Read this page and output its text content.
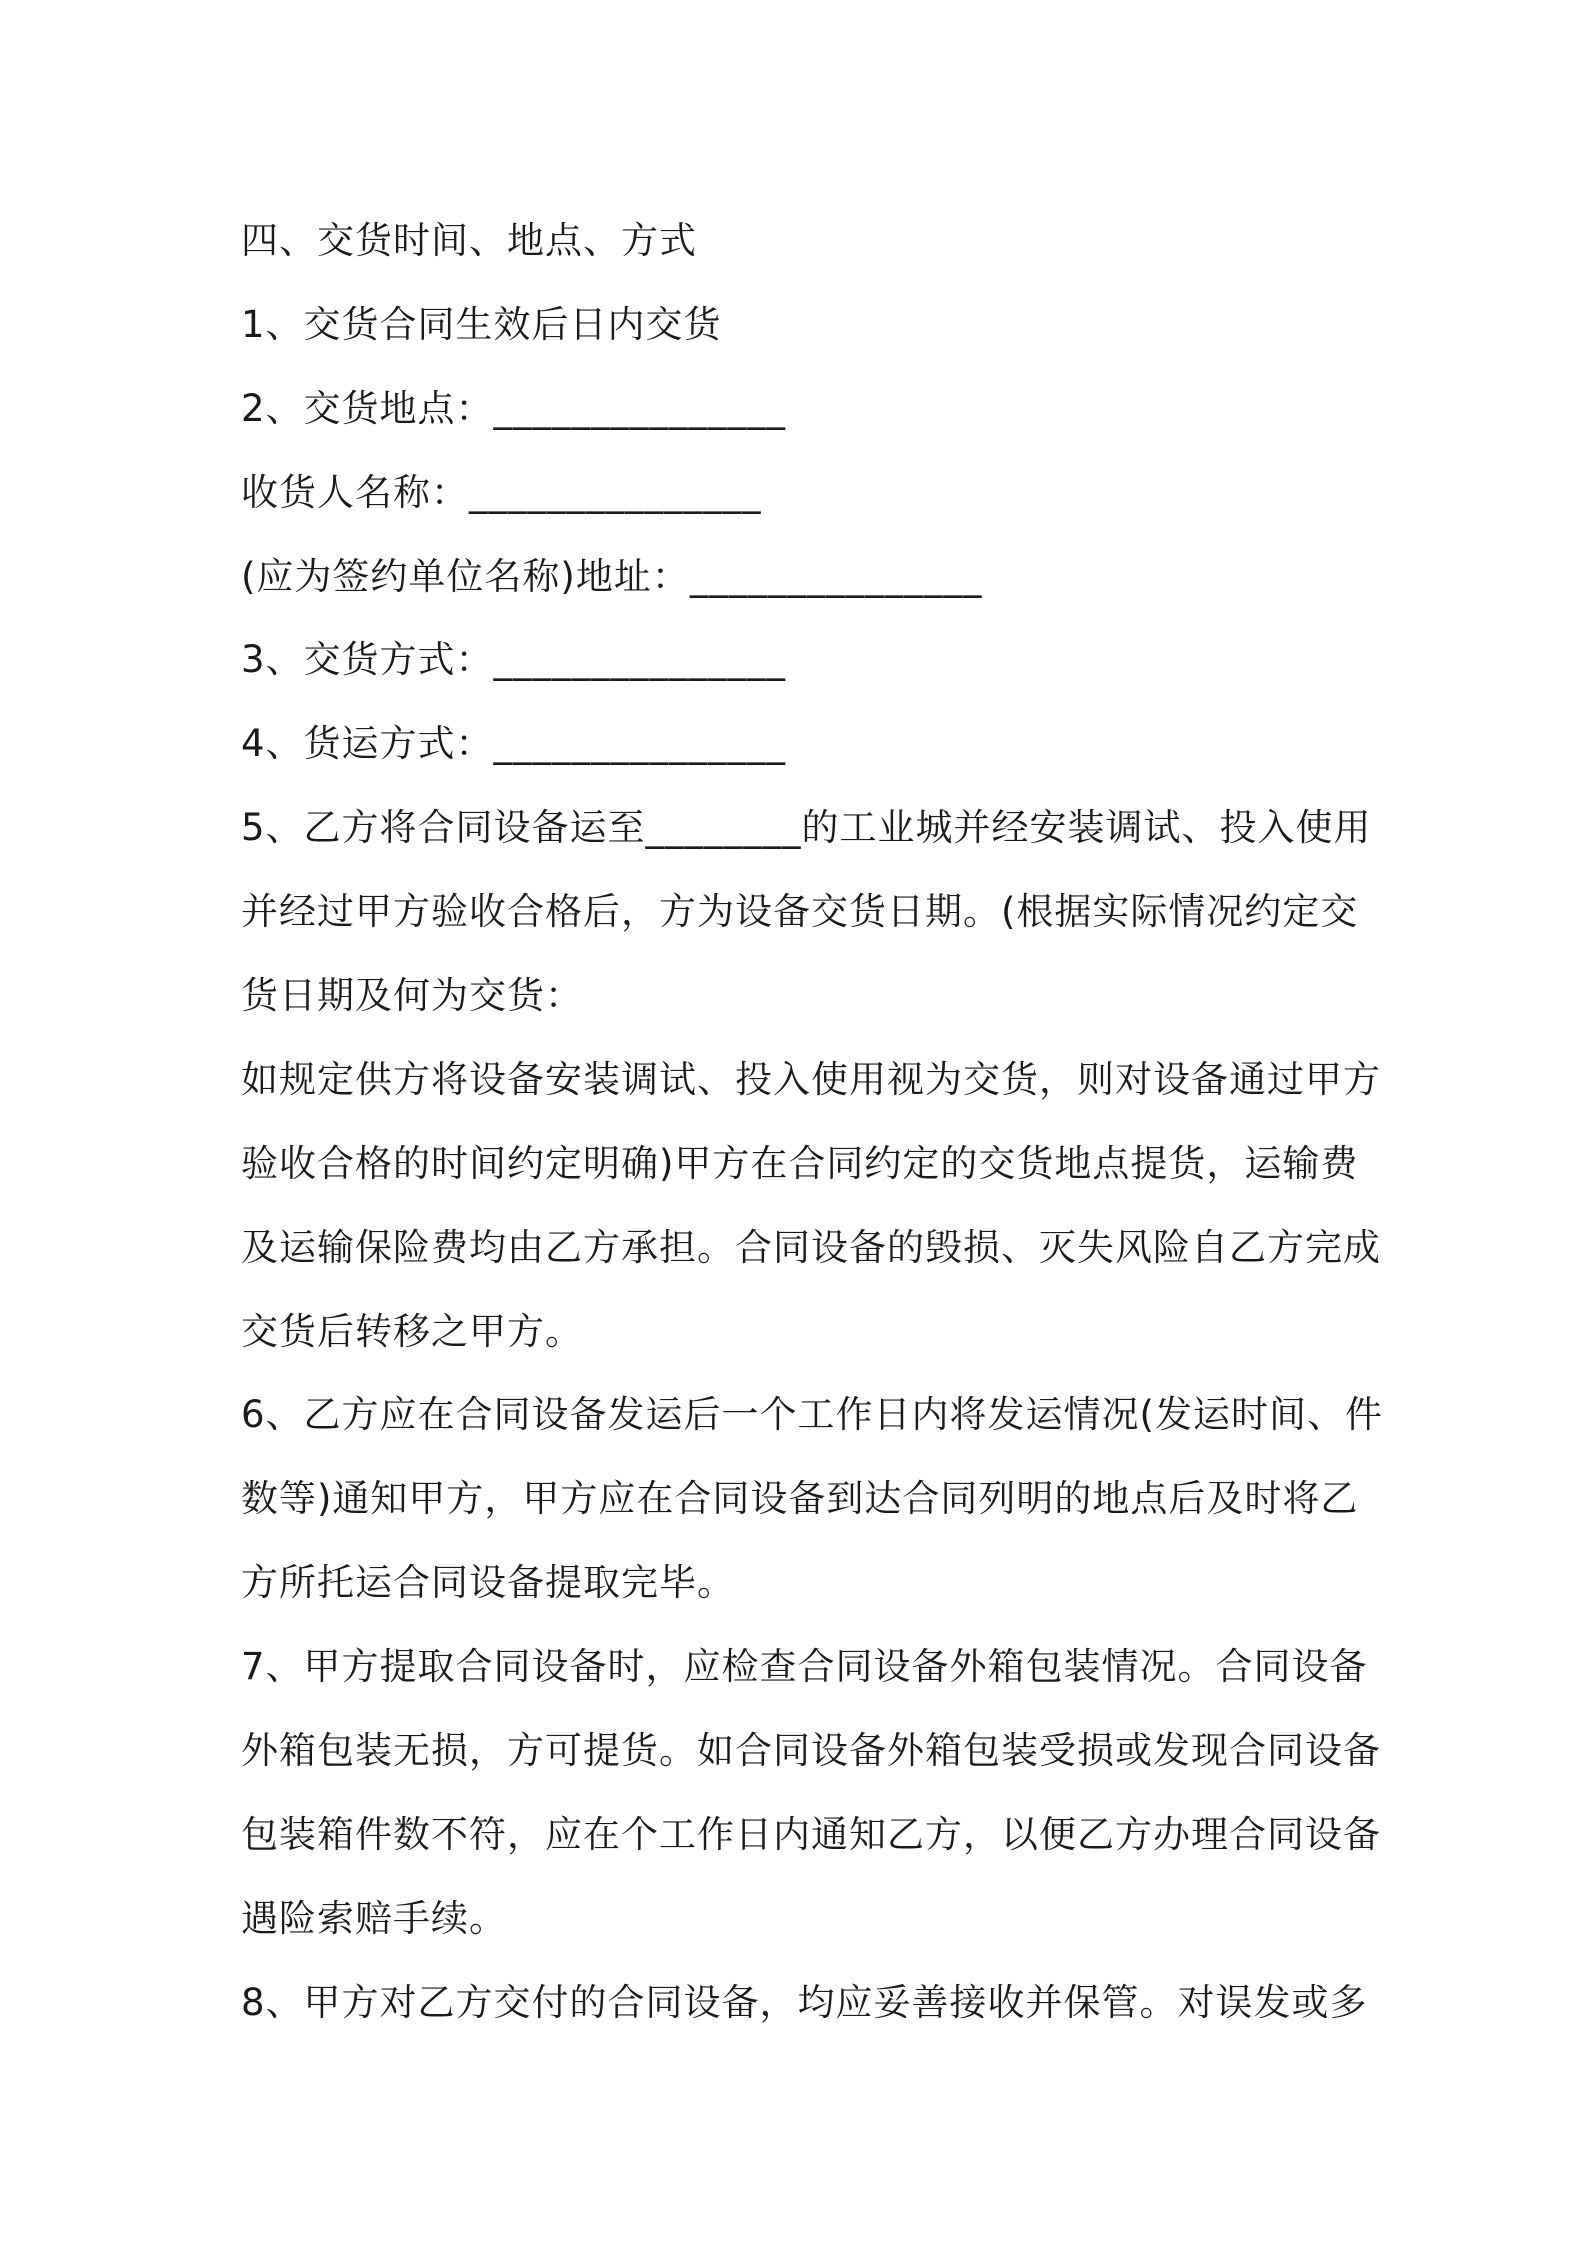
四、交货时间、地点、方式
1、交货合同生效后日内交货
2、交货地点：_______________
收货人名称：_______________
(应为签约单位名称)地址：_______________
3、交货方式：_______________
4、货运方式：_______________
5、乙方将合同设备运至________的工业城并经安装调试、投入使用
并经过甲方验收合格后，方为设备交货日期。(根据实际情况约定交
货日期及何为交货：
如规定供方将设备安装调试、投入使用视为交货，则对设备通过甲方
验收合格的时间约定明确)甲方在合同约定的交货地点提货，运输费
及运输保险费均由乙方承担。合同设备的毁损、灭失风险自乙方完成
交货后转移之甲方。
6、乙方应在合同设备发运后一个工作日内将发运情况(发运时间、件
数等)通知甲方，甲方应在合同设备到达合同列明的地点后及时将乙
方所托运合同设备提取完毕。
7、甲方提取合同设备时，应检查合同设备外箱包装情况。合同设备
外箱包装无损，方可提货。如合同设备外箱包装受损或发现合同设备
包装箱件数不符，应在个工作日内通知乙方，以便乙方办理合同设备
遇险索赔手续。
8、甲方对乙方交付的合同设备，均应妥善接收并保管。对误发或多
